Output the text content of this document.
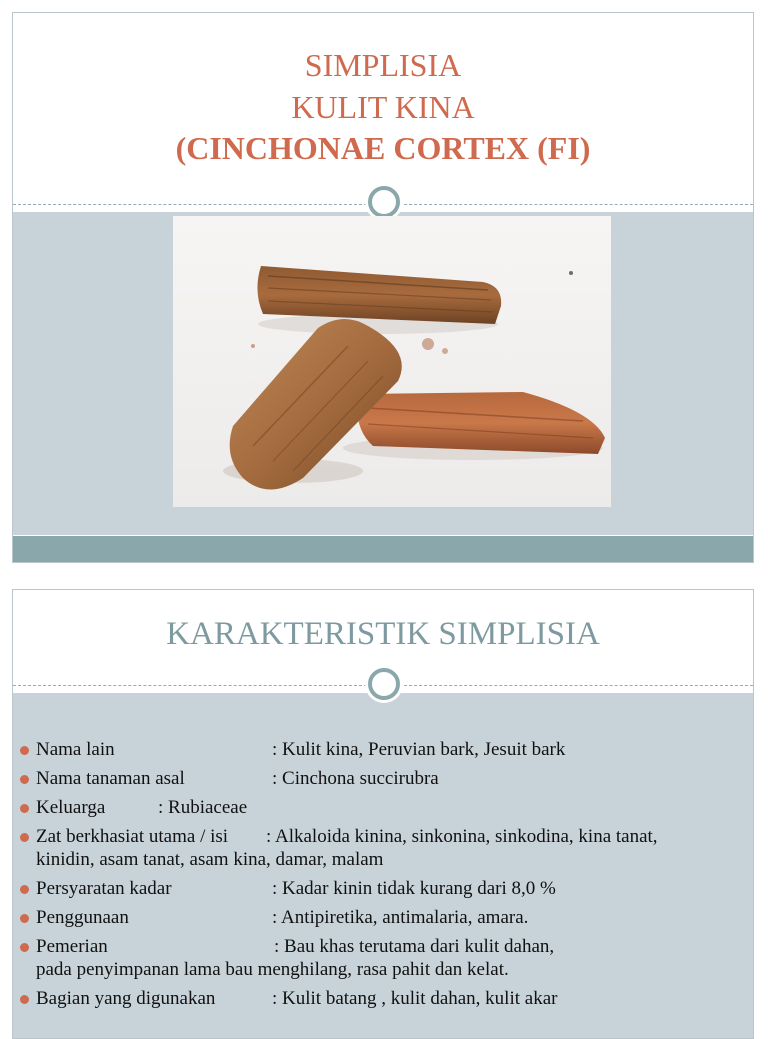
SIMPLISIA
KULIT KINA
(CINCHONAE CORTEX (FI)
KARAKTERISTIK SIMPLISIA
Nama lain	: Kulit kina, Peruvian bark, Jesuit bark
Nama tanaman asal	: Cinchona succirubra
Keluarga	: Rubiaceae
Zat berkhasiat utama / isi : Alkaloida kinina, sinkonina, sinkodina, kina tanat,
kinidin, asam tanat, asam kina, damar, malam
Persyaratan kadar	: Kadar kinin tidak kurang dari 8,0 %
Penggunaan	: Antipiretika, antimalaria, amara.
Pemerian	: Bau khas terutama dari kulit dahan,
pada penyimpanan lama bau menghilang, rasa pahit dan kelat.
Bagian yang digunakan	: Kulit batang , kulit dahan, kulit akar
